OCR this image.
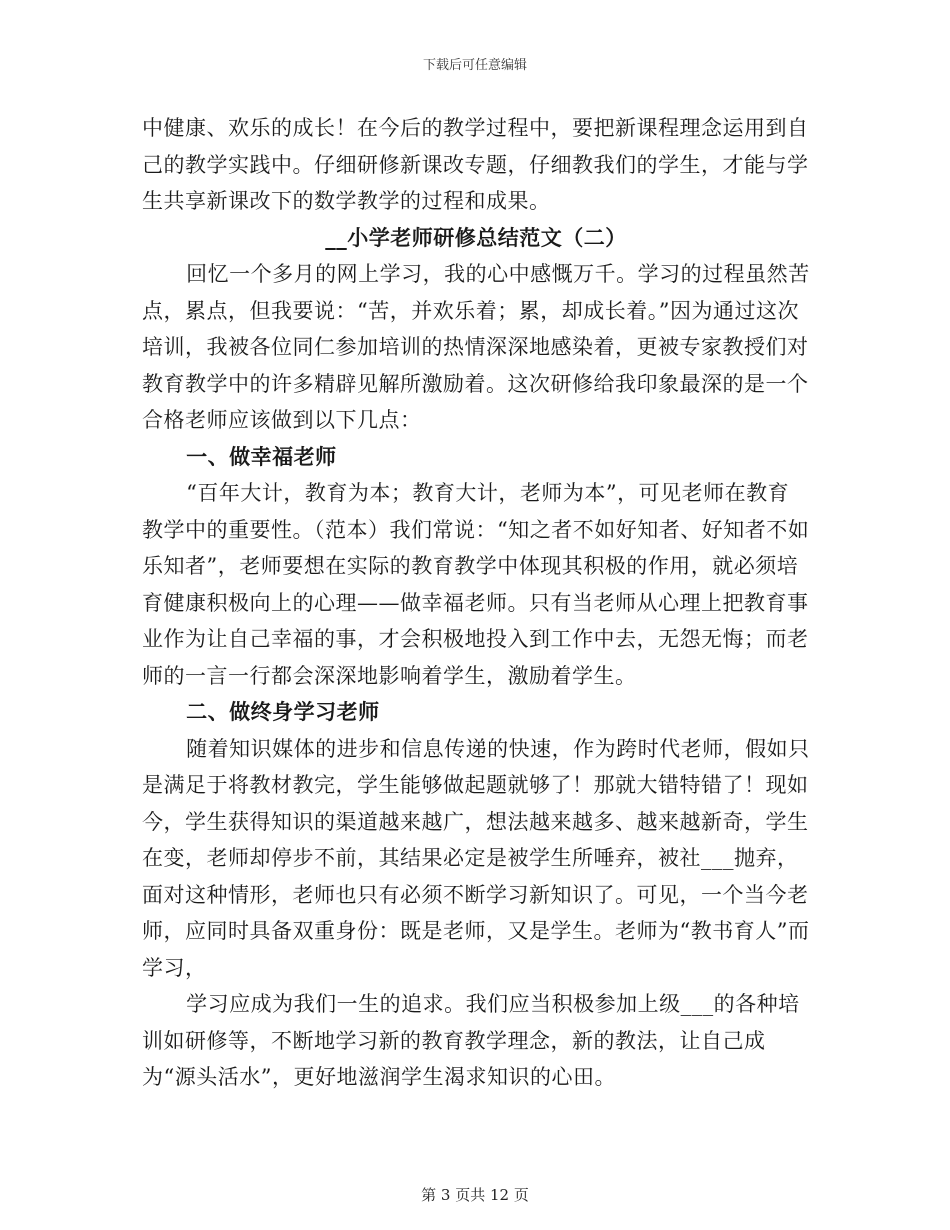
下载后可任意编辑

中健康、欢乐的成长！在今后的教学过程中，要把新课程理念运用到自己的教学实践中。仔细研修新课改专题，仔细教我们的学生，才能与学生共享新课改下的数学教学的过程和成果。

__小学老师研修总结范文（二）

回忆一个多月的网上学习，我的心中感慨万千。学习的过程虽然苦点，累点，但我要说：“苦，并欢乐着；累，却成长着。”因为通过这次培训，我被各位同仁参加培训的热情深深地感染着，更被专家教授们对教育教学中的许多精辟见解所激励着。这次研修给我印象最深的是一个合格老师应该做到以下几点：

一、做幸福老师

“百年大计，教育为本；教育大计，老师为本”，可见老师在教育教学中的重要性。（范本）我们常说：“知之者不如好知者、好知者不如乐知者”，老师要想在实际的教育教学中体现其积极的作用，就必须培育健康积极向上的心理——做幸福老师。只有当老师从心理上把教育事业作为让自己幸福的事，才会积极地投入到工作中去，无怨无悔；而老师的一言一行都会深深地影响着学生，激励着学生。

二、做终身学习老师

随着知识媒体的进步和信息传递的快速，作为跨时代老师，假如只是满足于将教材教完，学生能够做起题就够了！那就大错特错了！现如今，学生获得知识的渠道越来越广，想法越来越多、越来越新奇，学生在变，老师却停步不前，其结果必定是被学生所唾弃，被社___抛弃，面对这种情形，老师也只有必须不断学习新知识了。可见，一个当今老师，应同时具备双重身份：既是老师，又是学生。老师为“教书育人”而学习，

学习应成为我们一生的追求。我们应当积极参加上级___的各种培训如研修等，不断地学习新的教育教学理念，新的教法，让自己成为“源头活水”，更好地滋润学生渴求知识的心田。

第 3 页共 12 页
